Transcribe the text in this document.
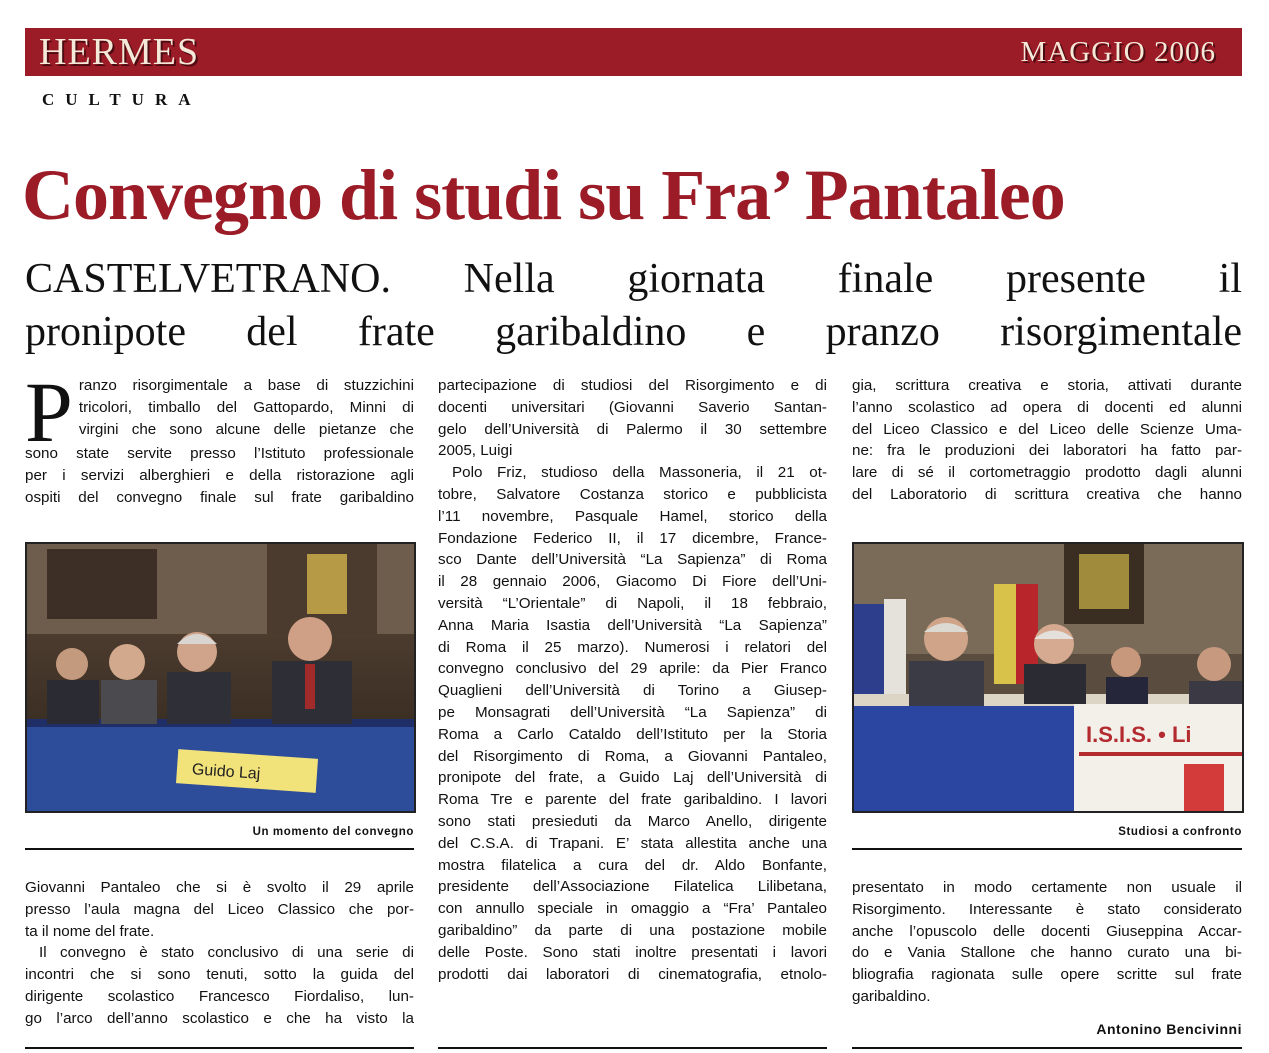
HERMES	MAGGIO 2006
CULTURA
Convegno di studi su Fra’ Pantaleo
CASTELVETRANO. Nella giornata finale presente il
pronipote del frate garibaldino e pranzo risorgimentale
P ranzo risorgimentale a base di stuzzichini
tricolori, timballo del Gattopardo, Minni di
virgini che sono alcune delle pietanze che
sono state servite presso l’Istituto professionale
per i servizi alberghieri e della ristorazione agli
ospiti del convegno finale sul frate garibaldino
Guido Laj
Un momento del convegno
Giovanni Pantaleo che si è svolto il 29 aprile
presso l’aula magna del Liceo Classico che por-
ta il nome del frate.
Il convegno è stato conclusivo di una serie di
incontri che si sono tenuti, sotto la guida del
dirigente scolastico Francesco Fiordaliso, lun-
go l’arco dell’anno scolastico e che ha visto la
partecipazione di studiosi del Risorgimento e di
docenti universitari (Giovanni Saverio Santan-
gelo dell’Università di Palermo il 30 settembre
2005, Luigi
Polo Friz, studioso della Massoneria, il 21 ot-
tobre, Salvatore Costanza storico e pubblicista
l’11 novembre, Pasquale Hamel, storico della
Fondazione Federico II, il 17 dicembre, France-
sco Dante dell’Università “La Sapienza” di Roma
il 28 gennaio 2006, Giacomo Di Fiore dell’Uni-
versità “L’Orientale” di Napoli, il 18 febbraio,
Anna Maria Isastia dell’Università “La Sapienza”
di Roma il 25 marzo). Numerosi i relatori del
convegno conclusivo del 29 aprile: da Pier Franco
Quaglieni dell’Università di Torino a Giusep-
pe Monsagrati dell’Università “La Sapienza” di
Roma a Carlo Cataldo dell’Istituto per la Storia
del Risorgimento di Roma, a Giovanni Pantaleo,
pronipote del frate, a Guido Laj dell’Università di
Roma Tre e parente del frate garibaldino. I lavori
sono stati presieduti da Marco Anello, dirigente
del C.S.A. di Trapani. E’ stata allestita anche una
mostra filatelica a cura del dr. Aldo Bonfante,
presidente dell’Associazione Filatelica Lilibetana,
con annullo speciale in omaggio a “Fra’ Pantaleo
garibaldino” da parte di una postazione mobile
delle Poste. Sono stati inoltre presentati i lavori
prodotti dai laboratori di cinematografia, etnolo-
gia, scrittura creativa e storia, attivati durante
l’anno scolastico ad opera di docenti ed alunni
del Liceo Classico e del Liceo delle Scienze Uma-
ne: fra le produzioni dei laboratori ha fatto par-
lare di sé il cortometraggio prodotto dagli alunni
del Laboratorio di scrittura creativa che hanno
I.S.I.S. • Li
Studiosi a confronto
presentato in modo certamente non usuale il
Risorgimento. Interessante è stato considerato
anche l’opuscolo delle docenti Giuseppina Accar-
do e Vania Stallone che hanno curato una bi-
bliografia ragionata sulle opere scritte sul frate
garibaldino.
Antonino Bencivinni
